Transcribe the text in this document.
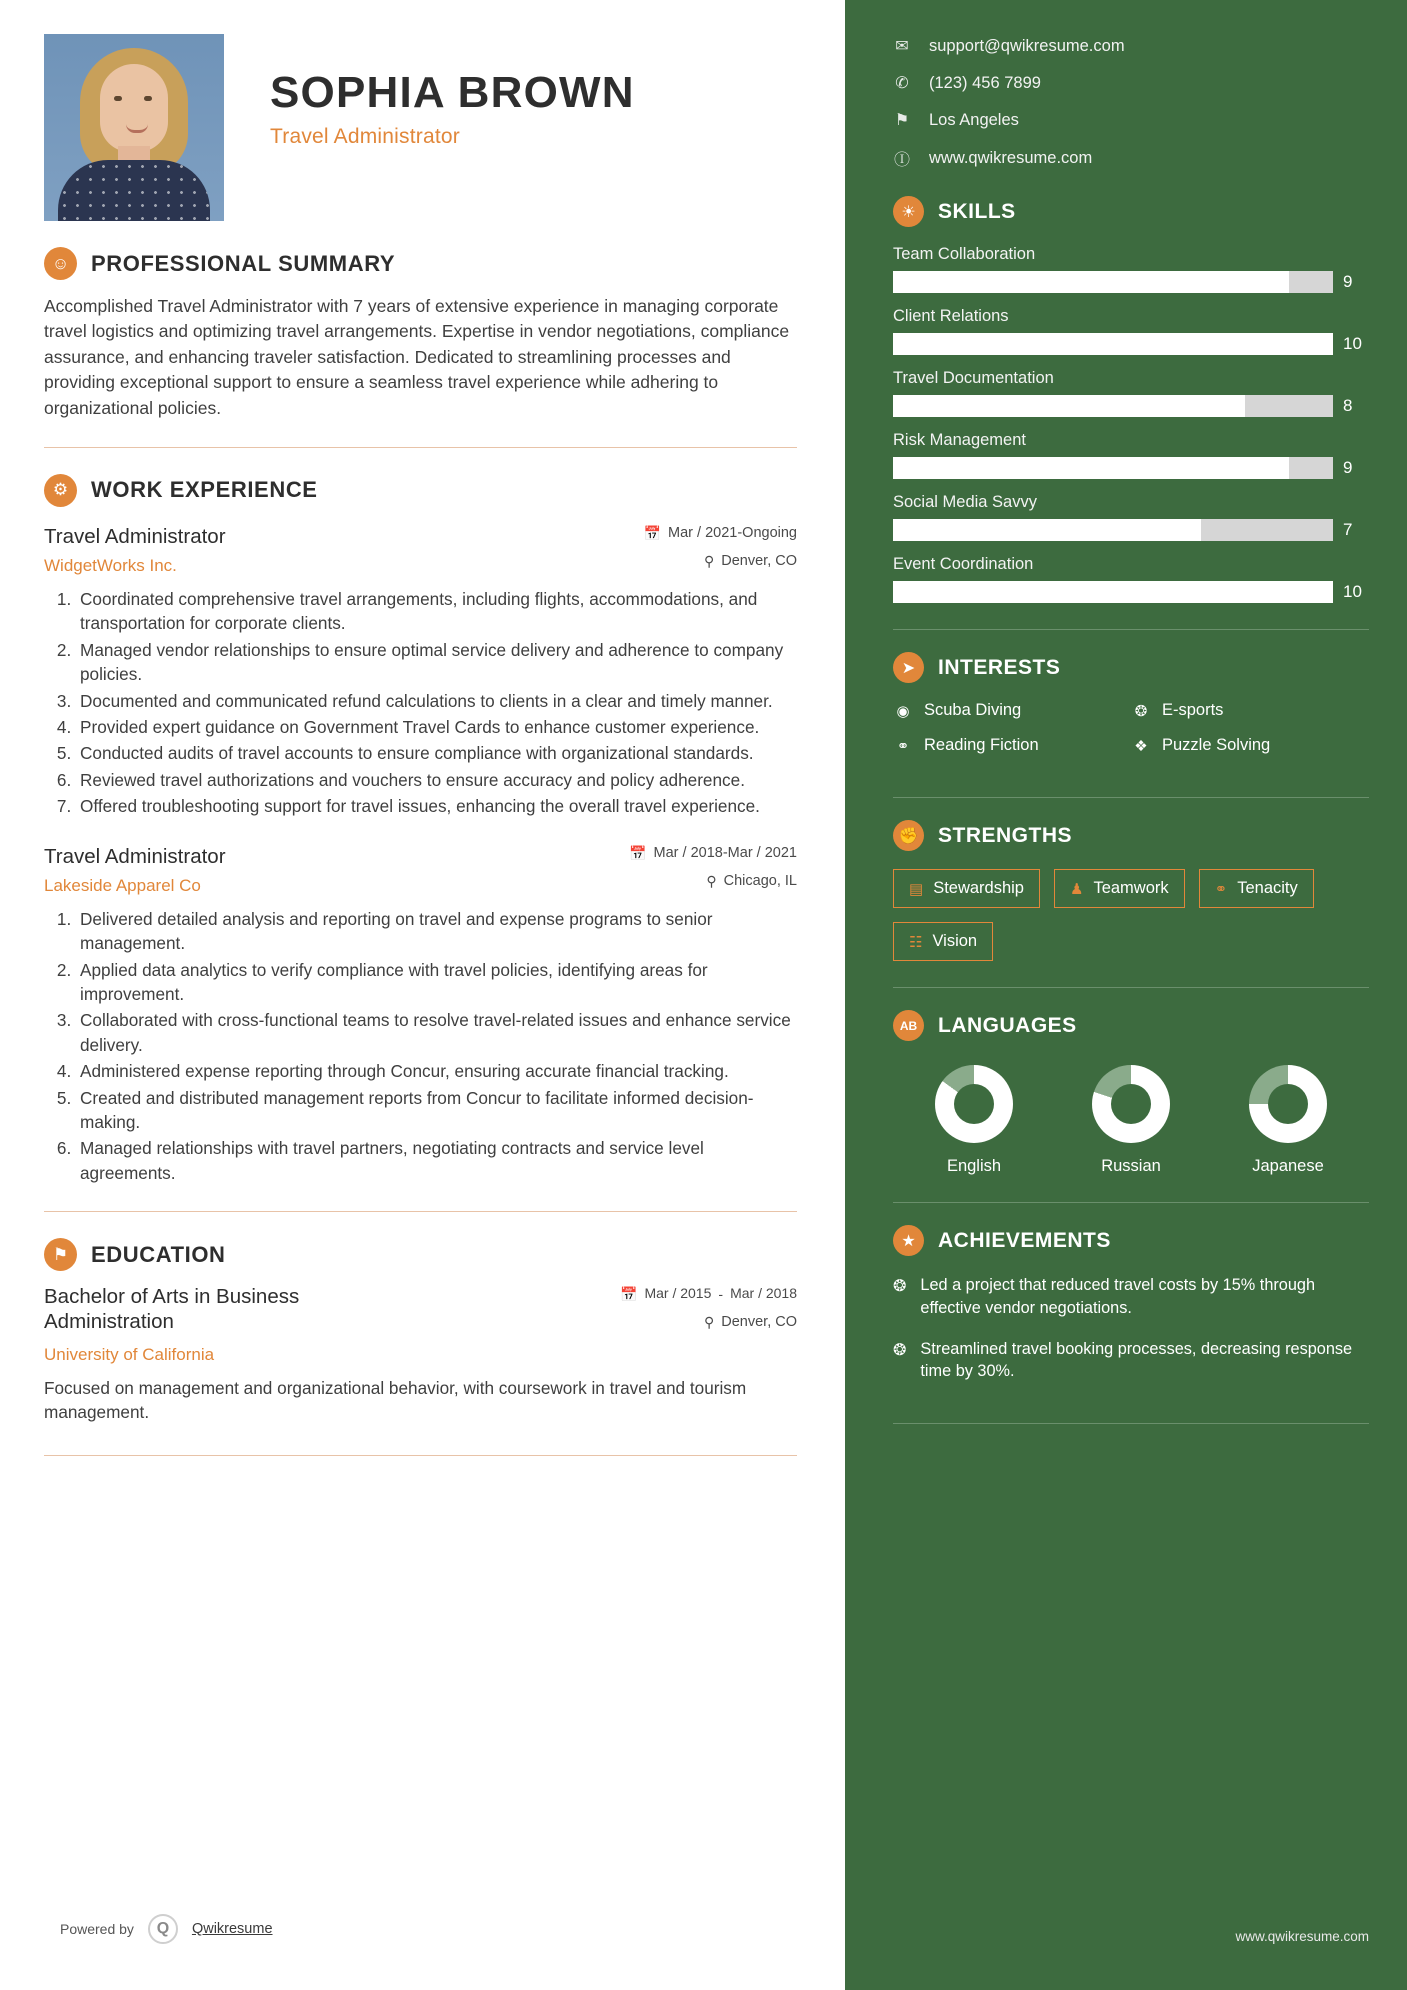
SOPHIA BROWN
Travel Administrator
☺ PROFESSIONAL SUMMARY
Accomplished Travel Administrator with 7 years of extensive experience in managing corporate travel logistics and optimizing travel arrangements. Expertise in vendor negotiations, compliance assurance, and enhancing traveler satisfaction. Dedicated to streamlining processes and providing exceptional support to ensure a seamless travel experience while adhering to organizational policies.
⚙	WORK EXPERIENCE
Travel Administrator
WidgetWorks Inc.
📅 Mar / 2021-Ongoing
⚲ Denver, CO
1. Coordinated comprehensive travel arrangements, including flights, accommodations, and transportation for corporate clients.
2. Managed vendor relationships to ensure optimal service delivery and adherence to company policies.
3. Documented and communicated refund calculations to clients in a clear and timely manner.
4. Provided expert guidance on Government Travel Cards to enhance customer experience.
5. Conducted audits of travel accounts to ensure compliance with organizational standards.
6. Reviewed travel authorizations and vouchers to ensure accuracy and policy adherence.
7. Offered troubleshooting support for travel issues, enhancing the overall travel experience.
Travel Administrator
Lakeside Apparel Co
📅 Mar / 2018-Mar / 2021
⚲ Chicago, IL
1. Delivered detailed analysis and reporting on travel and expense programs to senior management.
2. Applied data analytics to verify compliance with travel policies, identifying areas for improvement.
3. Collaborated with cross-functional teams to resolve travel-related issues and enhance service delivery.
4. Administered expense reporting through Concur, ensuring accurate financial tracking.
5. Created and distributed management reports from Concur to facilitate informed decision-making.
6. Managed relationships with travel partners, negotiating contracts and service level agreements.
⚑	EDUCATION
Bachelor of Arts in Business Administration
University of California
📅 Mar / 2015 - Mar / 2018
⚲ Denver, CO
Focused on management and organizational behavior, with coursework in travel and tourism management.
Powered by	Q	Qwikresume
✉ support@qwikresume.com
✆ (123) 456 7899
⚑ Los Angeles
Ⓘ www.qwikresume.com
☀	SKILLS
Team Collaboration
9
Client Relations
10
Travel Documentation
8
Risk Management
9
Social Media Savvy
7
Event Coordination
10
➤	INTERESTS
◉ Scuba Diving	❂ E-sports
⚭ Reading Fiction	❖ Puzzle Solving
✊ STRENGTHS
▤ Stewardship	♟ Teamwork	⚭ Tenacity
☷ Vision
AB LANGUAGES
English	Russian	Japanese
★	ACHIEVEMENTS
❂ Led a project that reduced travel costs by 15% through effective vendor negotiations.
❂ Streamlined travel booking processes, decreasing response time by 30%.
www.qwikresume.com
